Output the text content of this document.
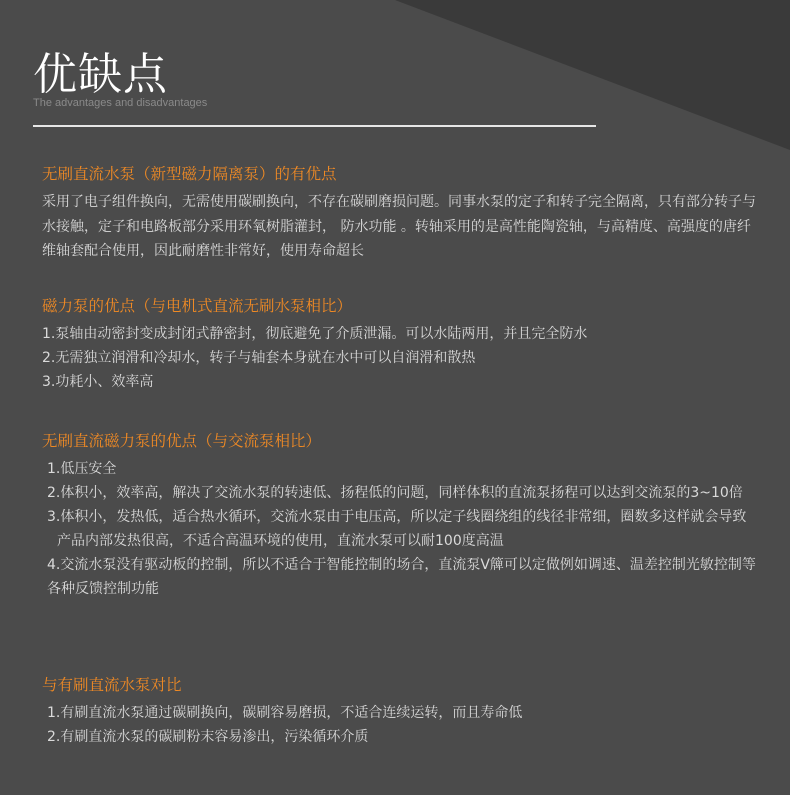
优缺点
The advantages and disadvantages
无刷直流水泵（新型磁力隔离泵）的有优点
采用了电子组件换向，无需使用碳刷换向，不存在碳刷磨损问题。同事水泵的定子和转子完全隔离，只有部分转子与水接触，定子和电路板部分采用环氧树脂灌封， 防水功能 。转轴采用的是高性能陶瓷轴，与高精度、高强度的唐纤维轴套配合使用，因此耐磨性非常好，使用寿命超长
磁力泵的优点（与电机式直流无刷水泵相比）
1.泵轴由动密封变成封闭式静密封，彻底避免了介质泄漏。可以水陆两用，并且完全防水
2.无需独立润滑和冷却水，转子与轴套本身就在水中可以自润滑和散热
3.功耗小、效率高
无刷直流磁力泵的优点（与交流泵相比）
1.低压安全
2.体积小，效率高，解决了交流水泵的转速低、扬程低的问题，同样体积的直流泵扬程可以达到交流泵的3~10倍
3.体积小，发热低，适合热水循环，交流水泵由于电压高，所以定子线圈绕组的线径非常细，圈数多这样就会导致产品内部发热很高，不适合高温环境的使用，直流水泵可以耐100度高温
4.交流水泵没有驱动板的控制，所以不适合于智能控制的场合，直流泵V簰可以定做例如调速、温差控制光敏控制等各种反馈控制功能
与有刷直流水泵对比
1.有刷直流水泵通过碳刷换向，碳刷容易磨损，不适合连续运转，而且寿命低
2.有刷直流水泵的碳刷粉末容易渗出，污染循环介质
